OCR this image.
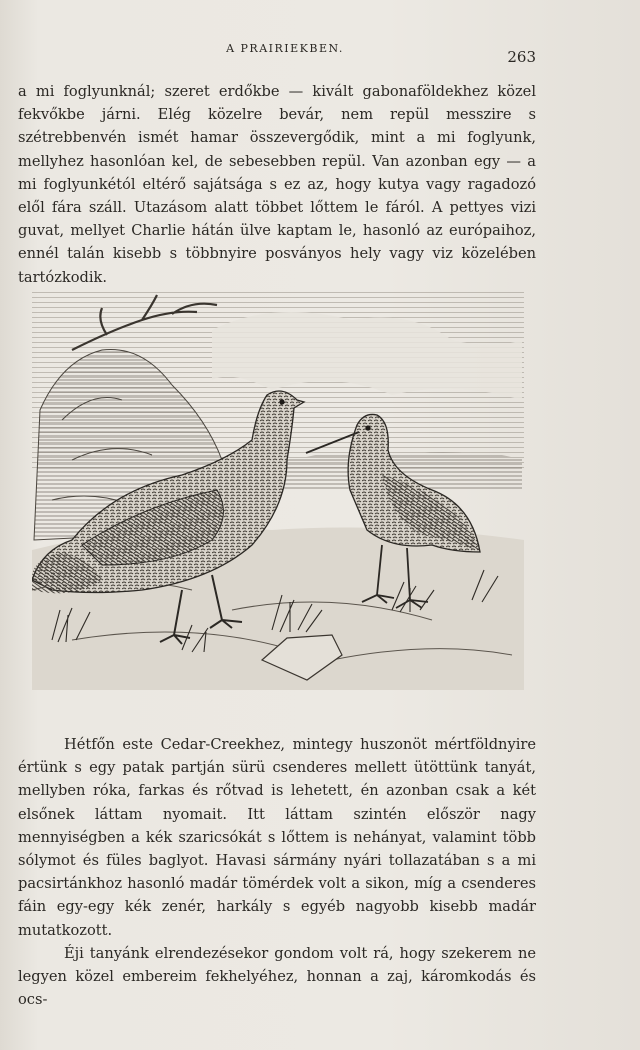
A PRAIRIEKBEN.	263

a mi foglyunknál; szeret erdőkbe — kivált gabonaföldekhez közel fekvőkbe járni. Elég közelre bevár, nem repül messzire s szétrebbenvén ismét hamar összevergődik, mint a mi foglyunk, mellyhez hasonlóan kel, de sebesebben repül. Van azonban egy — a mi foglyunkétól eltérő sajátsága s ez az, hogy kutya vagy ragadozó elől fára száll. Utazásom alatt többet lőttem le fáról. A pettyes vizi guvat, mellyet Charlie hátán ülve kaptam le, hasonló az európaihoz, ennél talán kisebb s többnyire posványos hely vagy viz közelében tartózkodik.

Hétfőn este Cedar-Creekhez, mintegy huszonöt mértföldnyire értünk s egy patak partján sürü csenderes mellett ütöttünk tanyát, mellyben róka, farkas és rőtvad is lehetett, én azonban csak a két elsőnek láttam nyomait. Itt láttam szintén először nagy mennyiségben a kék szaricsókát s lőttem is nehányat, valamint több sólymot és füles baglyot. Havasi sármány nyári tollazatában s a mi pacsirtánkhoz hasonló madár tömérdek volt a sikon, míg a csenderes fáin egy-egy kék zenér, harkály s egyéb nagyobb kisebb madár mutatkozott.

Éji tanyánk elrendezésekor gondom volt rá, hogy szekerem ne legyen közel embereim fekhelyéhez, honnan a zaj, káromkodás és ocs-
